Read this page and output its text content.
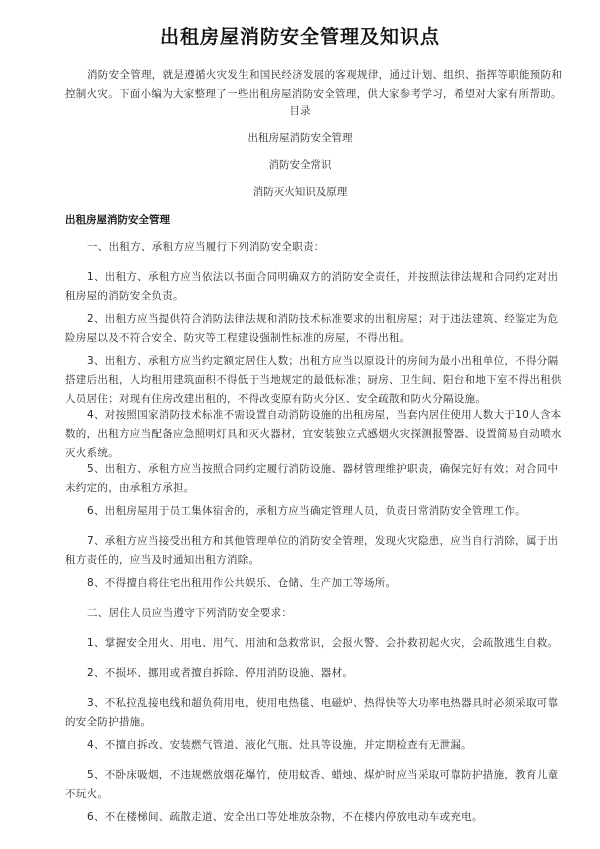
出租房屋消防安全管理及知识点

消防安全管理，就是遵循火灾发生和国民经济发展的客观规律，通过计划、组织、指挥等职能预防和控制火灾。下面小编为大家整理了一些出租房屋消防安全管理，供大家参考学习，希望对大家有所帮助。

目录
出租房屋消防安全管理
消防安全常识
消防灭火知识及原理
出租房屋消防安全管理

一、出租方、承租方应当履行下列消防安全职责：

1、出租方、承租方应当依法以书面合同明确双方的消防安全责任，并按照法律法规和合同约定对出租房屋的消防安全负责。

2、出租方应当提供符合消防法律法规和消防技术标准要求的出租房屋；对于违法建筑、经鉴定为危险房屋以及不符合安全、防灾等工程建设强制性标准的房屋，不得出租。

3、出租方、承租方应当约定额定居住人数；出租方应当以原设计的房间为最小出租单位，不得分隔搭建后出租，人均租用建筑面积不得低于当地规定的最低标准；厨房、卫生间、阳台和地下室不得出租供人员居住；对现有住房改建出租的，不得改变原有防火分区、安全疏散和防火分隔设施。

4、对按照国家消防技术标准不需设置自动消防设施的出租房屋，当套内居住使用人数大于10人含本数的，出租方应当配备应急照明灯具和灭火器材，宜安装独立式感烟火灾探测报警器、设置简易自动喷水灭火系统。

5、出租方、承租方应当按照合同约定履行消防设施、器材管理维护职责，确保完好有效；对合同中未约定的，由承租方承担。

6、出租房屋用于员工集体宿舍的，承租方应当确定管理人员，负责日常消防安全管理工作。

7、承租方应当接受出租方和其他管理单位的消防安全管理，发现火灾隐患，应当自行消除，属于出租方责任的，应当及时通知出租方消除。

8、不得擅自将住宅出租用作公共娱乐、仓储、生产加工等场所。

二、居住人员应当遵守下列消防安全要求：

1、掌握安全用火、用电、用气、用油和急救常识，会报火警、会扑救初起火灾，会疏散逃生自救。

2、不损坏、挪用或者擅自拆除、停用消防设施、器材。

3、不私拉乱接电线和超负荷用电，使用电热毯、电磁炉、热得快等大功率电热器具时必须采取可靠的安全防护措施。

4、不擅自拆改、安装燃气管道、液化气瓶、灶具等设施，并定期检查有无泄漏。

5、不卧床吸烟，不违规燃放烟花爆竹，使用蚊香、蜡烛、煤炉时应当采取可靠防护措施，教育儿童不玩火。

6、不在楼梯间、疏散走道、安全出口等处堆放杂物，不在楼内停放电动车或充电。
